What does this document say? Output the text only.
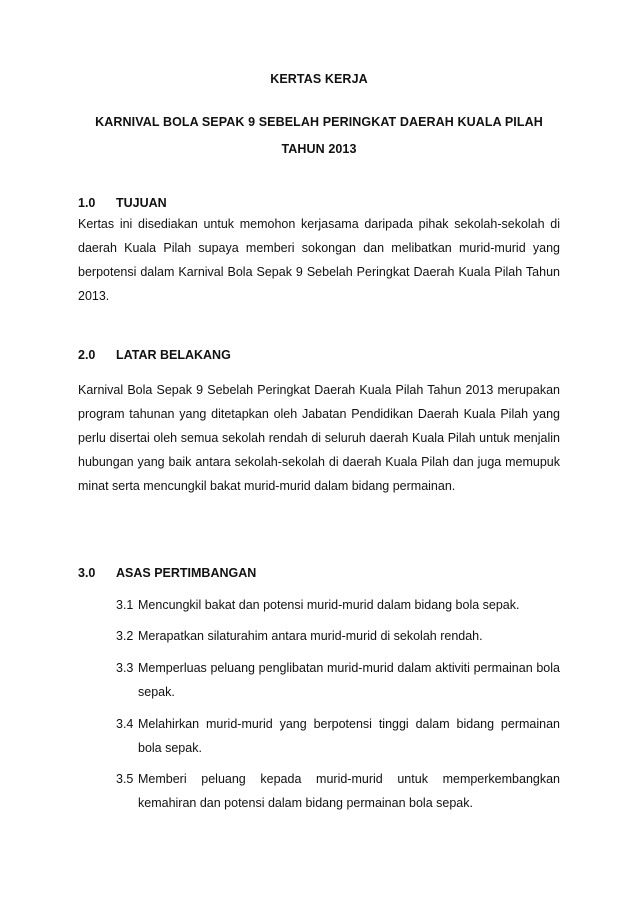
KERTAS KERJA
KARNIVAL BOLA SEPAK 9 SEBELAH PERINGKAT DAERAH KUALA PILAH
TAHUN 2013
1.0 TUJUAN

Kertas ini disediakan untuk memohon kerjasama daripada pihak sekolah-sekolah di daerah Kuala Pilah supaya memberi sokongan dan melibatkan murid-murid yang berpotensi dalam Karnival Bola Sepak 9 Sebelah Peringkat Daerah Kuala Pilah Tahun 2013.

2.0 LATAR BELAKANG

Karnival Bola Sepak 9 Sebelah Peringkat Daerah Kuala Pilah Tahun 2013 merupakan program tahunan yang ditetapkan oleh Jabatan Pendidikan Daerah Kuala Pilah yang perlu disertai oleh semua sekolah rendah di seluruh daerah Kuala Pilah untuk menjalin hubungan yang baik antara sekolah-sekolah di daerah Kuala Pilah dan juga memupuk minat serta mencungkil bakat murid-murid dalam bidang permainan.

3.0 ASAS PERTIMBANGAN

3.1 Mencungkil bakat dan potensi murid-murid dalam bidang bola sepak.

3.2 Merapatkan silaturahim antara murid-murid di sekolah rendah.

3.3 Memperluas peluang penglibatan murid-murid dalam aktiviti permainan bola sepak.

3.4 Melahirkan murid-murid yang berpotensi tinggi dalam bidang permainan bola sepak.

3.5 Memberi peluang kepada murid-murid untuk memperkembangkan kemahiran dan potensi dalam bidang permainan bola sepak.
